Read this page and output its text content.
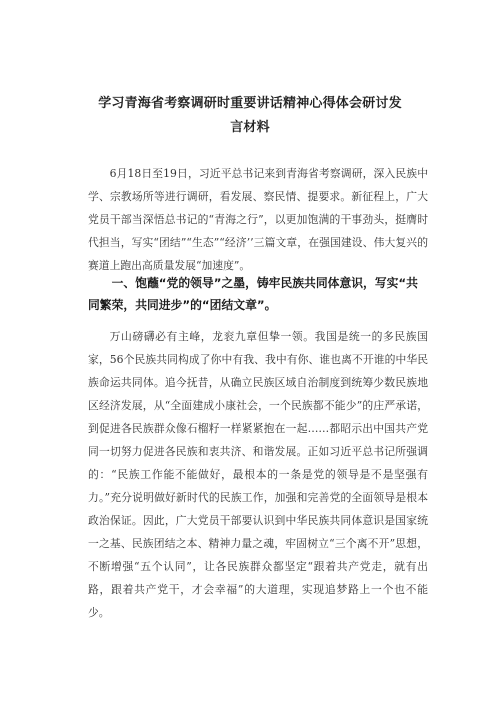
学习青海省考察调研时重要讲话精神心得体会研讨发
言材料
6月18日至19日，习近平总书记来到青海省考察调研，深入民族中学、宗教场所等进行调研，看发展、察民情、提要求。新征程上，广大党员干部当深悟总书记的“青海之行”，以更加饱满的干事劲头，挺膺时代担当，写实“团结”“生态”“经济’’三篇文章，在强国建设、伟大复兴的赛道上跑出高质量发展“加速度”。
一、饱蘸“党的领导”之墨，铸牢民族共同体意识，写实“共同繁荣，共同进步”的“团结文章”。
万山磅礴必有主峰，龙衮九章但挚一领。我国是统一的多民族国家，56个民族共同构成了你中有我、我中有你、谁也离不开谁的中华民族命运共同体。追今抚昔，从确立民族区域自治制度到统筹少数民族地区经济发展，从“全面建成小康社会，一个民族都不能少”的庄严承诺，到促进各民族群众像石榴籽一样紧紧抱在一起……都昭示出中国共产党同一切努力促进各民族和衷共济、和谐发展。正如习近平总书记所强调的：“民族工作能不能做好，最根本的一条是党的领导是不是坚强有力。”充分说明做好新时代的民族工作，加强和完善党的全面领导是根本政治保证。因此，广大党员干部要认识到中华民族共同体意识是国家统一之基、民族团结之本、精神力量之魂，牢固树立“三个离不开”思想，不断增强“五个认同”，让各民族群众都坚定“跟着共产党走，就有出路，跟着共产党干，才会幸福”的大道理，实现追梦路上一个也不能少。
